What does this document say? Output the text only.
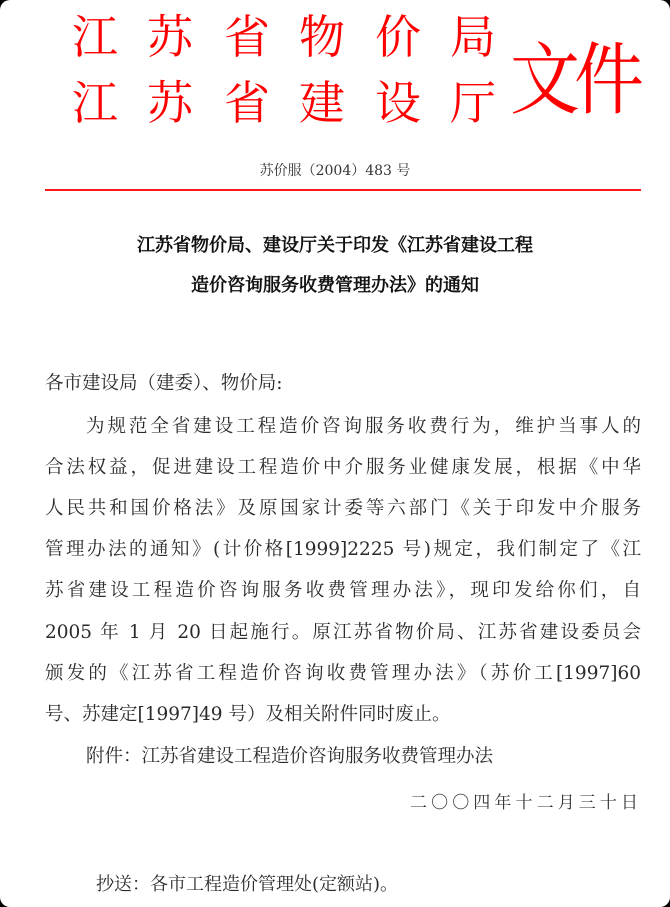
江 苏 省 物 价 局
江 苏 省 建 设 厅 文件
苏价服（2004）483 号
江苏省物价局、建设厅关于印发《江苏省建设工程
造价咨询服务收费管理办法》的通知
各市建设局（建委）、物价局:
为规范全省建设工程造价咨询服务收费行为，维护当事人的
合法权益，促进建设工程造价中介服务业健康发展，根据《中华
人民共和国价格法》及原国家计委等六部门《关于印发中介服务
管理办法的通知》(计价格[1999]2225 号)规定，我们制定了《江
苏省建设工程造价咨询服务收费管理办法》，现印发给你们，自
2005 年 1 月 20 日起施行。原江苏省物价局、江苏省建设委员会
颁发的《江苏省工程造价咨询收费管理办法》（苏价工[1997]60
号、苏建定[1997]49 号）及相关附件同时废止。
附件：江苏省建设工程造价咨询服务收费管理办法
二〇〇四年十二月三十日
抄送：各市工程造价管理处(定额站)。
